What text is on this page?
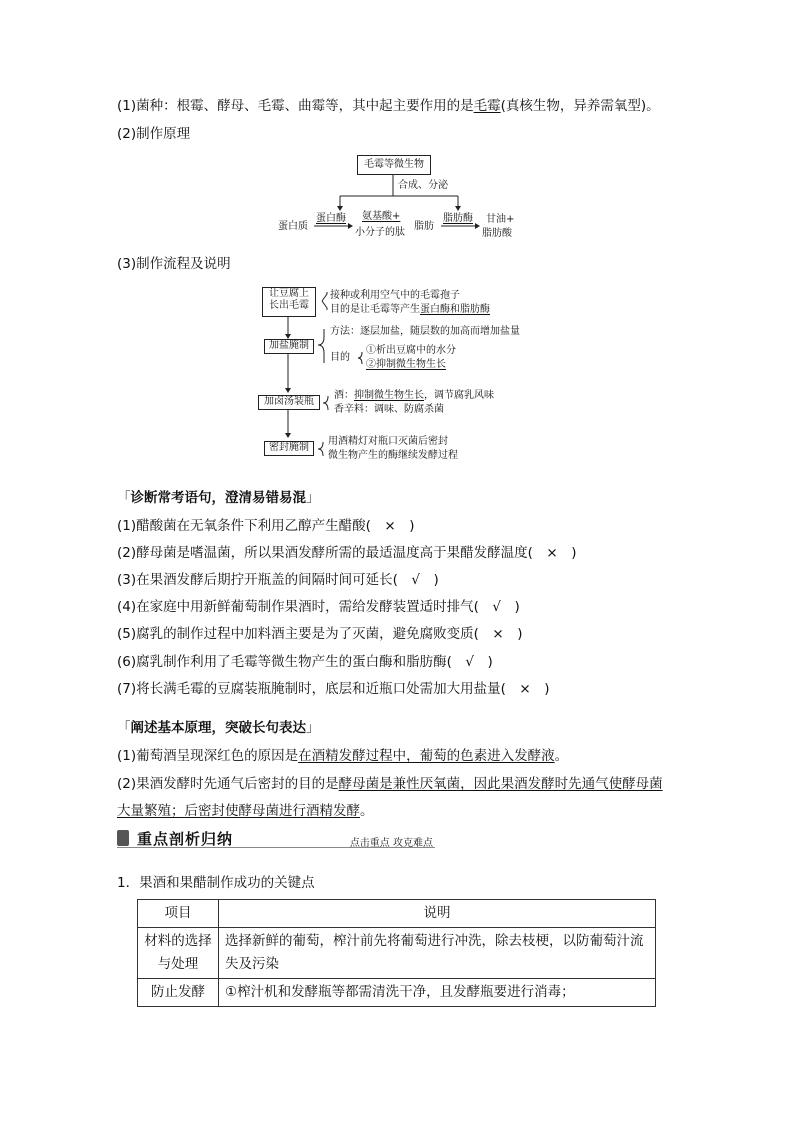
(1)菌种：根霉、酵母、毛霉、曲霉等，其中起主要作用的是毛霉(真核生物，异养需氧型)。
(2)制作原理
毛霉等微生物
合成、分泌
蛋白质
蛋白酶 氨基酸+
小分子的肽
脂肪
脂肪酶 甘油+
脂肪酸
(3)制作流程及说明
让豆腐上
长出毛霉
接种或利用空气中的毛霉孢子
目的是让毛霉等产生蛋白酶和脂肪酶
加盐腌制
方法：逐层加盐，随层数的加高而增加盐量
目的
①析出豆腐中的水分
②抑制微生物生长
加卤汤装瓶
酒：抑制微生物生长，调节腐乳风味
香辛料：调味、防腐杀菌
密封腌制
用酒精灯对瓶口灭菌后密封
微生物产生的酶继续发酵过程
「诊断常考语句，澄清易错易混」
(1)醋酸菌在无氧条件下利用乙醇产生醋酸(　×　)
(2)酵母菌是嗜温菌，所以果酒发酵所需的最适温度高于果醋发酵温度(　×　)
(3)在果酒发酵后期拧开瓶盖的间隔时间可延长(　√　)
(4)在家庭中用新鲜葡萄制作果酒时，需给发酵装置适时排气(　√　)
(5)腐乳的制作过程中加料酒主要是为了灭菌，避免腐败变质(　×　)
(6)腐乳制作利用了毛霉等微生物产生的蛋白酶和脂肪酶(　√　)
(7)将长满毛霉的豆腐装瓶腌制时，底层和近瓶口处需加大用盐量(　×　)
「阐述基本原理，突破长句表达」
(1)葡萄酒呈现深红色的原因是在酒精发酵过程中，葡萄的色素进入发酵液。
(2)果酒发酵时先通气后密封的目的是酵母菌是兼性厌氧菌，因此果酒发酵时先通气使酵母菌
大量繁殖；后密封使酵母菌进行酒精发酵。
重点剖析归纳	点击重点 攻克难点
1．果酒和果醋制作成功的关键点
项目	说明
材料的选择与处理	选择新鲜的葡萄，榨汁前先将葡萄进行冲洗，除去枝梗，以防葡萄汁流失及污染
防止发酵	①榨汁机和发酵瓶等都需清洗干净，且发酵瓶要进行消毒；
